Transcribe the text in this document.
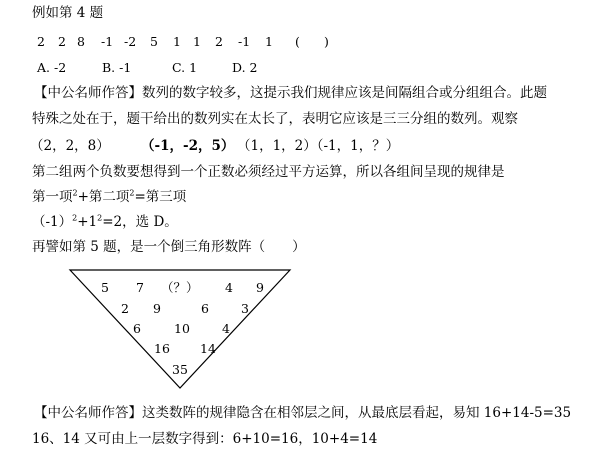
例如第 4 题
2 2 8 -1 -2 5 1 1 2 -1 1 ( )
A. -2	B. -1	C. 1	D. 2
【中公名师作答】数列的数字较多，这提示我们规律应该是间隔组合或分组组合。此题
特殊之处在于，题干给出的数列实在太长了，表明它应该是三三分组的数列。观察
（2，2，8） （-1，-2，5） （1，1，2）
（-1，1，？）
第二组两个负数要想得到一个正数必须经过平方运算，所以各组间呈现的规律是
第一项$^2$+第二项$^2$=第三项
$(-1)^2+1^2=2$，选 D。
再譬如第 5 题，是一个倒三角形数阵（　　）
5 7 （？） 4 9
2 9	6	3
6	10	4
16 14
35
【中公名师作答】这类数阵的规律隐含在相邻层之间，从最底层看起，易知 16+14-5=35
16、14 又可由上一层数字得到：6+10=16，10+4=14
